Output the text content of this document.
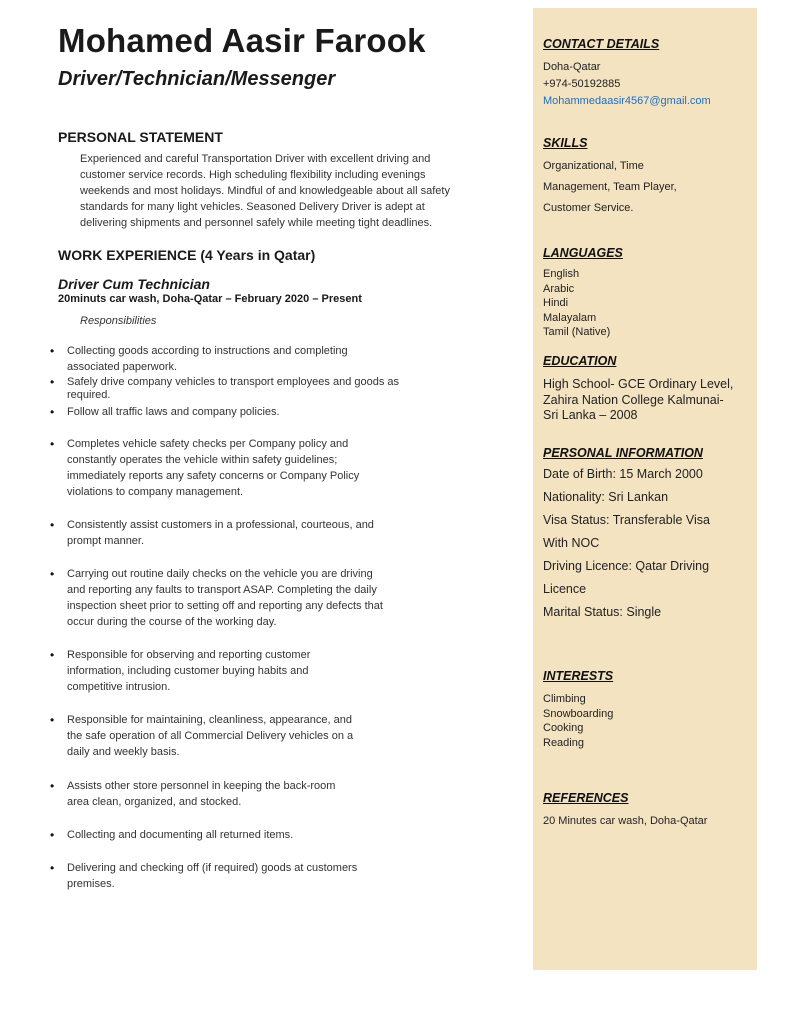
Mohamed Aasir Farook
Driver/Technician/Messenger
PERSONAL STATEMENT
Experienced and careful Transportation Driver with excellent driving and
customer service records. High scheduling flexibility including evenings
weekends and most holidays. Mindful of and knowledgeable about all safety
standards for many light vehicles. Seasoned Delivery Driver is adept at
delivering shipments and personnel safely while meeting tight deadlines.
WORK EXPERIENCE (4 Years in Qatar)
Driver Cum Technician
20minuts car wash, Doha-Qatar – February 2020 – Present
Responsibilities
• Collecting goods according to instructions and completing
associated paperwork.
• Safely drive company vehicles to transport employees and goods as
required.
• Follow all traffic laws and company policies.
• Completes vehicle safety checks per Company policy and
constantly operates the vehicle within safety guidelines;
immediately reports any safety concerns or Company Policy
violations to company management.
• Consistently assist customers in a professional, courteous, and
prompt manner.
• Carrying out routine daily checks on the vehicle you are driving
and reporting any faults to transport ASAP. Completing the daily
inspection sheet prior to setting off and reporting any defects that
occur during the course of the working day.
• Responsible for observing and reporting customer
information, including customer buying habits and
competitive intrusion.
• Responsible for maintaining, cleanliness, appearance, and
the safe operation of all Commercial Delivery vehicles on a
daily and weekly basis.
• Assists other store personnel in keeping the back-room
area clean, organized, and stocked.
• Collecting and documenting all returned items.
• Delivering and checking off (if required) goods at customers
premises.
CONTACT DETAILS
Doha-Qatar
+974-50192885
Mohammedaasir4567@gmail.com
SKILLS
Organizational, Time
Management, Team Player,
Customer Service.
LANGUAGES
English
Arabic
Hindi
Malayalam
Tamil (Native)
EDUCATION
High School- GCE Ordinary Level,
Zahira Nation College Kalmunai-
Sri Lanka – 2008
PERSONAL INFORMATION
Date of Birth: 15 March 2000
Nationality: Sri Lankan
Visa Status: Transferable Visa
With NOC
Driving Licence: Qatar Driving
Licence
Marital Status: Single
INTERESTS
Climbing
Snowboarding
Cooking
Reading
REFERENCES
20 Minutes car wash, Doha-Qatar
